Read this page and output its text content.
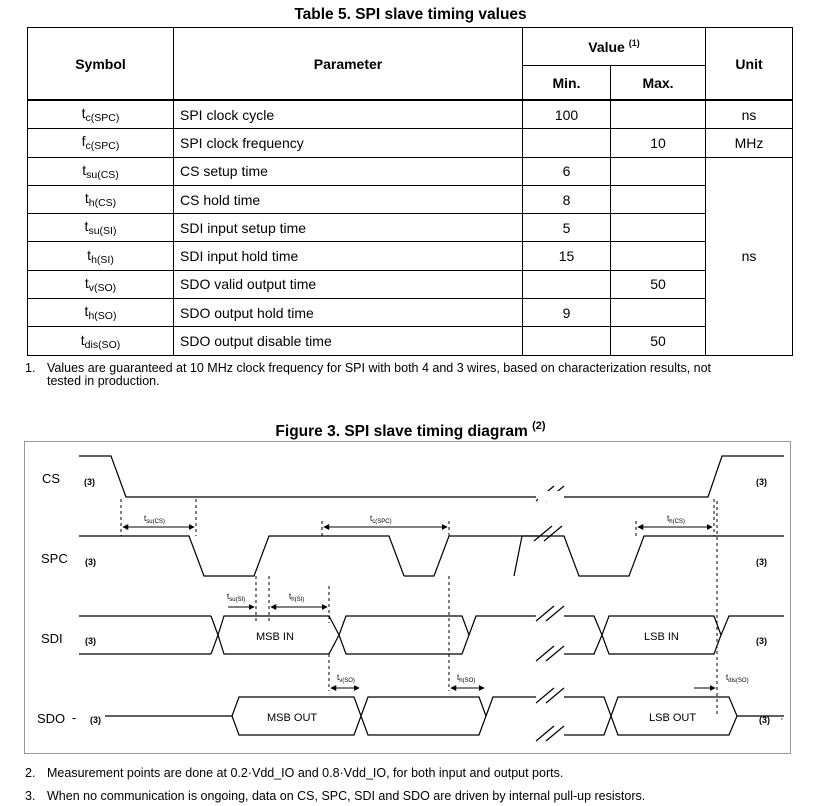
Table 5. SPI slave timing values
Symbol	Parameter	Value $^{(1)}$		Unit
		Min.	Max.	
$t_{c(SPC)}$	SPI clock cycle	100		ns
$f_{c(SPC)}$	SPI clock frequency		10	MHz
$t_{su(CS)}$	CS setup time	6		ns
$t_{h(CS)}$	CS hold time	8		
$t_{su(SI)}$	SDI input setup time	5		
$t_{h(SI)}$	SDI input hold time	15		
$t_{v(SO)}$	SDO valid output time		50	
$t_{h(SO)}$	SDO output hold time	9		
$t_{dis(SO)}$	SDO output disable time		50	
1. Values are guaranteed at 10 MHz clock frequency for SPI with both 4 and 3 wires, based on characterization results, not
tested in production.
Figure 3. SPI slave timing diagram $^{(2)}$
CS
SPC
SDI
SDO -
(3)	(3)
(3)	(3)
(3)	(3)
(3)	(3)
$t_{su(CS)}$	$t_{c(SPC)}$	$t_{h(CS)}$
$t_{su(SI)}$	$t_{h(SI)}$
$t_{v(SO)}$	$t_{h(SO)}$	$t_{dis(SO)}$
MSB IN	LSB IN
MSB OUT	LSB OUT	·
2. Measurement points are done at 0.2·Vdd_IO and 0.8·Vdd_IO, for both input and output ports.
3. When no communication is ongoing, data on CS, SPC, SDI and SDO are driven by internal pull-up resistors.
